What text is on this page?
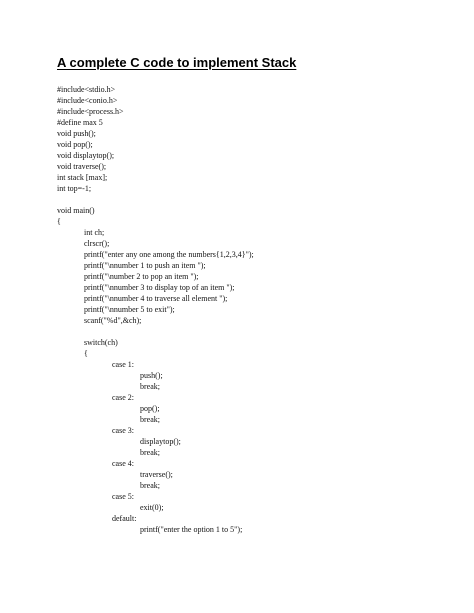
A complete C code to implement Stack
#include<stdio.h>
#include<conio.h>
#include<process.h>
#define max 5
void push();
void pop();
void displaytop();
void traverse();
int stack [max];
int top=-1;
void main()
{
int ch;
clrscr();
printf("enter any one among the numbers{1,2,3,4}");
printf("\nnumber 1 to push an item ");
printf("\number 2 to pop an item ");
printf("\nnumber 3 to display top of an item ");
printf("\nnumber 4 to traverse all element ");
printf("\nnumber 5 to exit");
scanf("%d",&ch);
switch(ch)
{
case 1:
push();
break;
case 2:
pop();
break;
case 3:
displaytop();
break;
case 4:
traverse();
break;
case 5:
exit(0);
default:
printf("enter the option 1 to 5");
